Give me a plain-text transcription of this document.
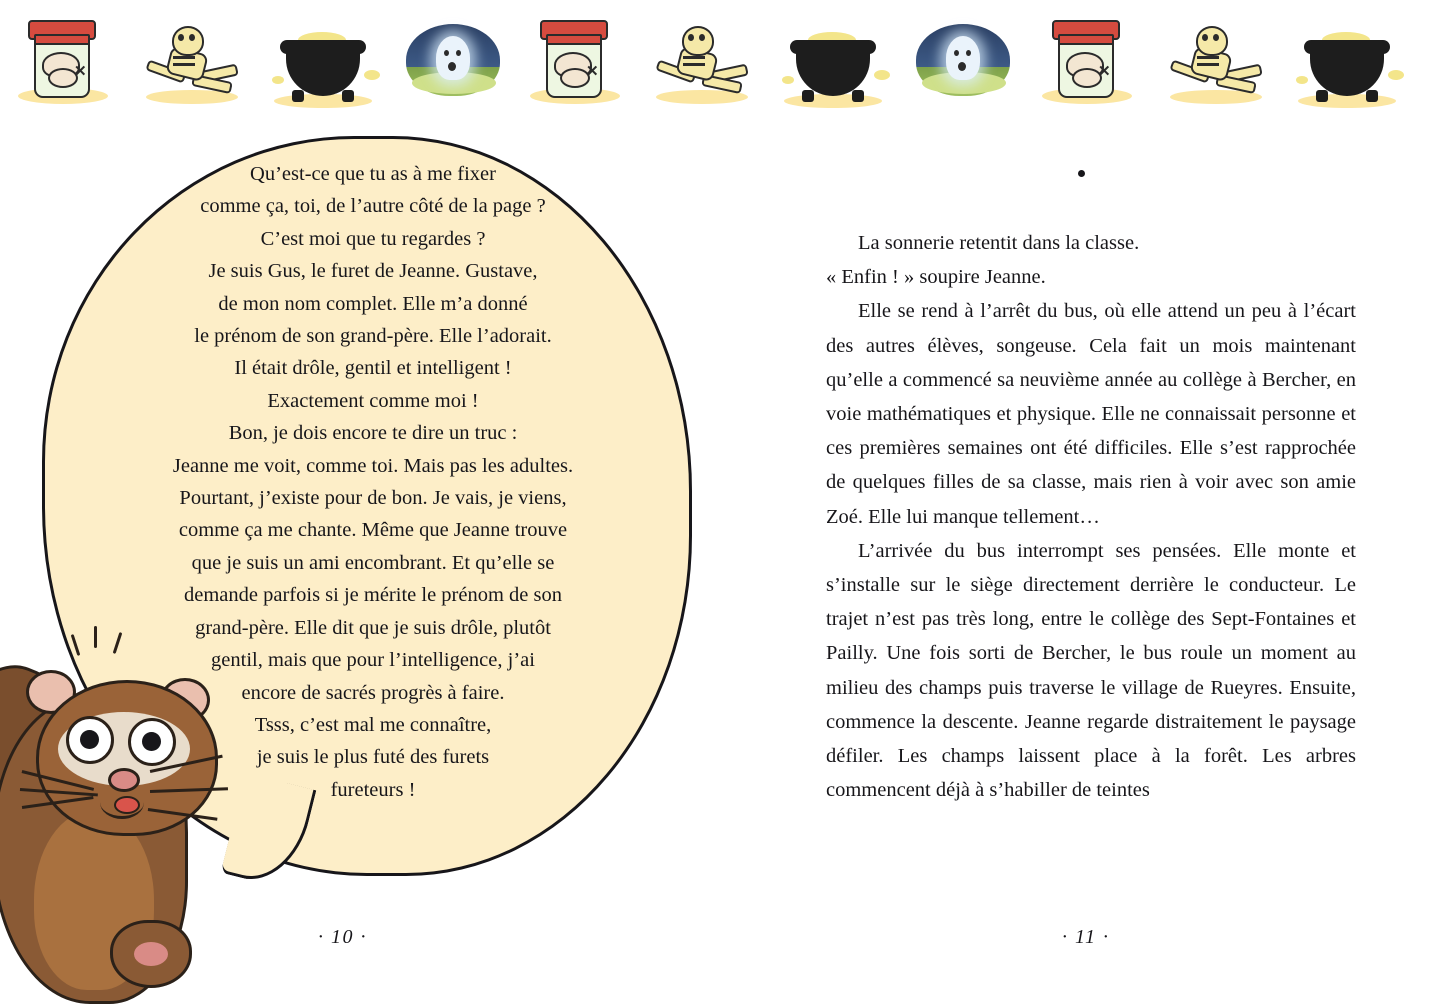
✕	✕	✕

Qu’est-ce que tu as à me fixer

comme ça, toi, de l’autre côté de la page ?

C’est moi que tu regardes ?

Je suis Gus, le furet de Jeanne. Gustave,

de mon nom complet. Elle m’a donné

le prénom de son grand-père. Elle l’adorait.

Il était drôle, gentil et intelligent !

Exactement comme moi !

Bon, je dois encore te dire un truc :

Jeanne me voit, comme toi. Mais pas les adultes.

Pourtant, j’existe pour de bon. Je vais, je viens,

comme ça me chante. Même que Jeanne trouve

que je suis un ami encombrant. Et qu’elle se

demande parfois si je mérite le prénom de son

grand-père. Elle dit que je suis drôle, plutôt

gentil, mais que pour l’intelligence, j’ai

encore de sacrés progrès à faire.

Tsss, c’est mal me connaître,

je suis le plus futé des furets

fureteurs !

· 10 ·

La sonnerie retentit dans la classe.

« Enfin ! » soupire Jeanne.

Elle se rend à l’arrêt du bus, où elle attend un peu à l’écart des autres élèves, songeuse. Cela fait un mois maintenant qu’elle a commencé sa neuvième année au collège à Bercher, en voie mathématiques et physique. Elle ne connaissait personne et ces premières semaines ont été difficiles. Elle s’est rapprochée de quelques filles de sa classe, mais rien à voir avec son amie Zoé. Elle lui manque tellement…

L’arrivée du bus interrompt ses pensées. Elle monte et s’installe sur le siège directement derrière le conducteur. Le trajet n’est pas très long, entre le collège des Sept-Fontaines et Pailly. Une fois sorti de Bercher, le bus roule un moment au milieu des champs puis traverse le village de Rueyres. Ensuite, commence la descente. Jeanne regarde distraitement le paysage défiler. Les champs laissent place à la forêt. Les arbres commencent déjà à s’habiller de teintes

· 11 ·
